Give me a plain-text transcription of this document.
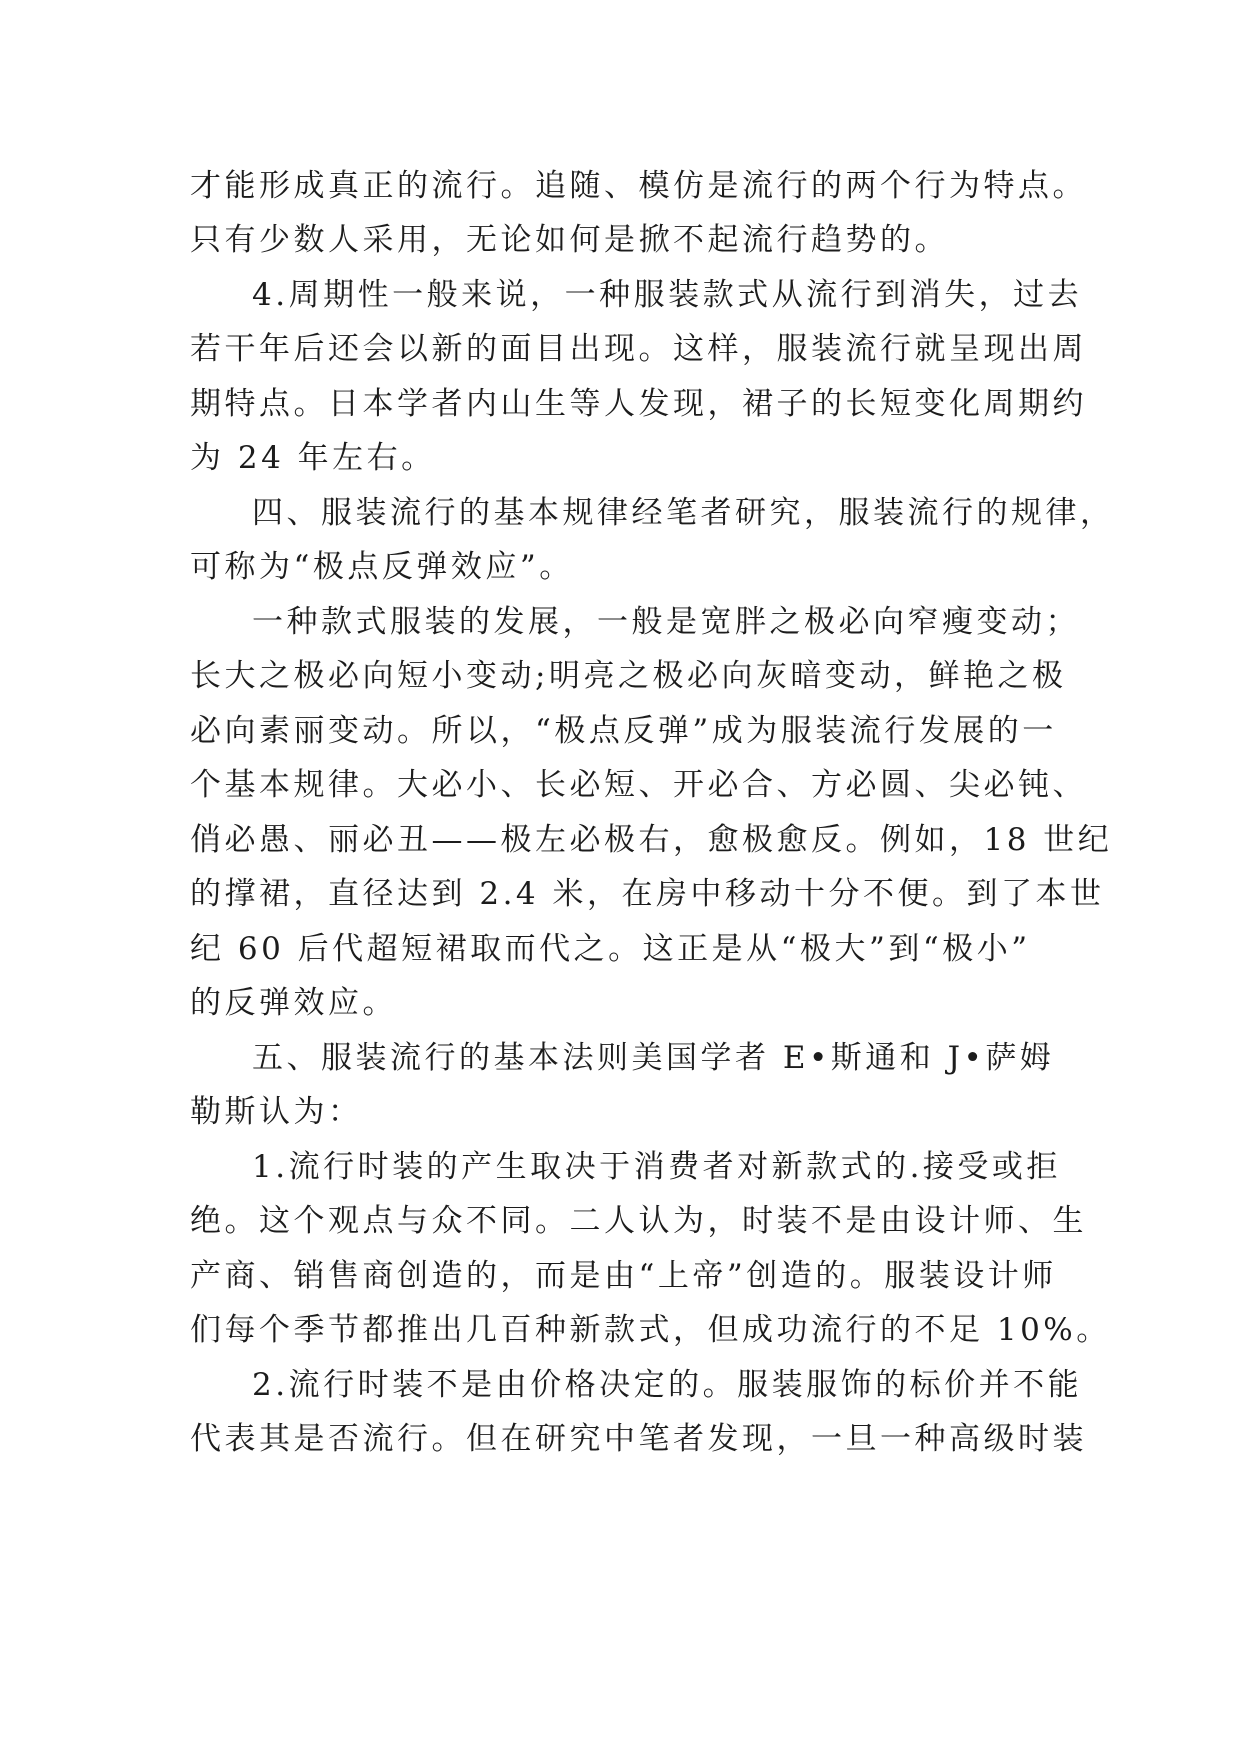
才能形成真正的流行。追随、模仿是流行的两个行为特点。
只有少数人采用，无论如何是掀不起流行趋势的。
4.周期性一般来说，一种服装款式从流行到消失，过去
若干年后还会以新的面目出现。这样，服装流行就呈现出周
期特点。日本学者内山生等人发现，裙子的长短变化周期约
为 24 年左右。
四、服装流行的基本规律经笔者研究，服装流行的规律，
可称为“极点反弹效应”。
一种款式服装的发展，一般是宽胖之极必向窄瘦变动；
长大之极必向短小变动;明亮之极必向灰暗变动，鲜艳之极
必向素丽变动。所以，“极点反弹”成为服装流行发展的一
个基本规律。大必小、长必短、开必合、方必圆、尖必钝、
俏必愚、丽必丑——极左必极右，愈极愈反。例如，18 世纪
的撑裙，直径达到 2.4 米，在房中移动十分不便。到了本世
纪 60 后代超短裙取而代之。这正是从“极大”到“极小”
的反弹效应。
五、服装流行的基本法则美国学者 E•斯通和 J•萨姆
勒斯认为：
1.流行时装的产生取决于消费者对新款式的.接受或拒
绝。这个观点与众不同。二人认为，时装不是由设计师、生
产商、销售商创造的，而是由“上帝”创造的。服装设计师
们每个季节都推出几百种新款式，但成功流行的不足 10%。
2.流行时装不是由价格决定的。服装服饰的标价并不能
代表其是否流行。但在研究中笔者发现，一旦一种高级时装
